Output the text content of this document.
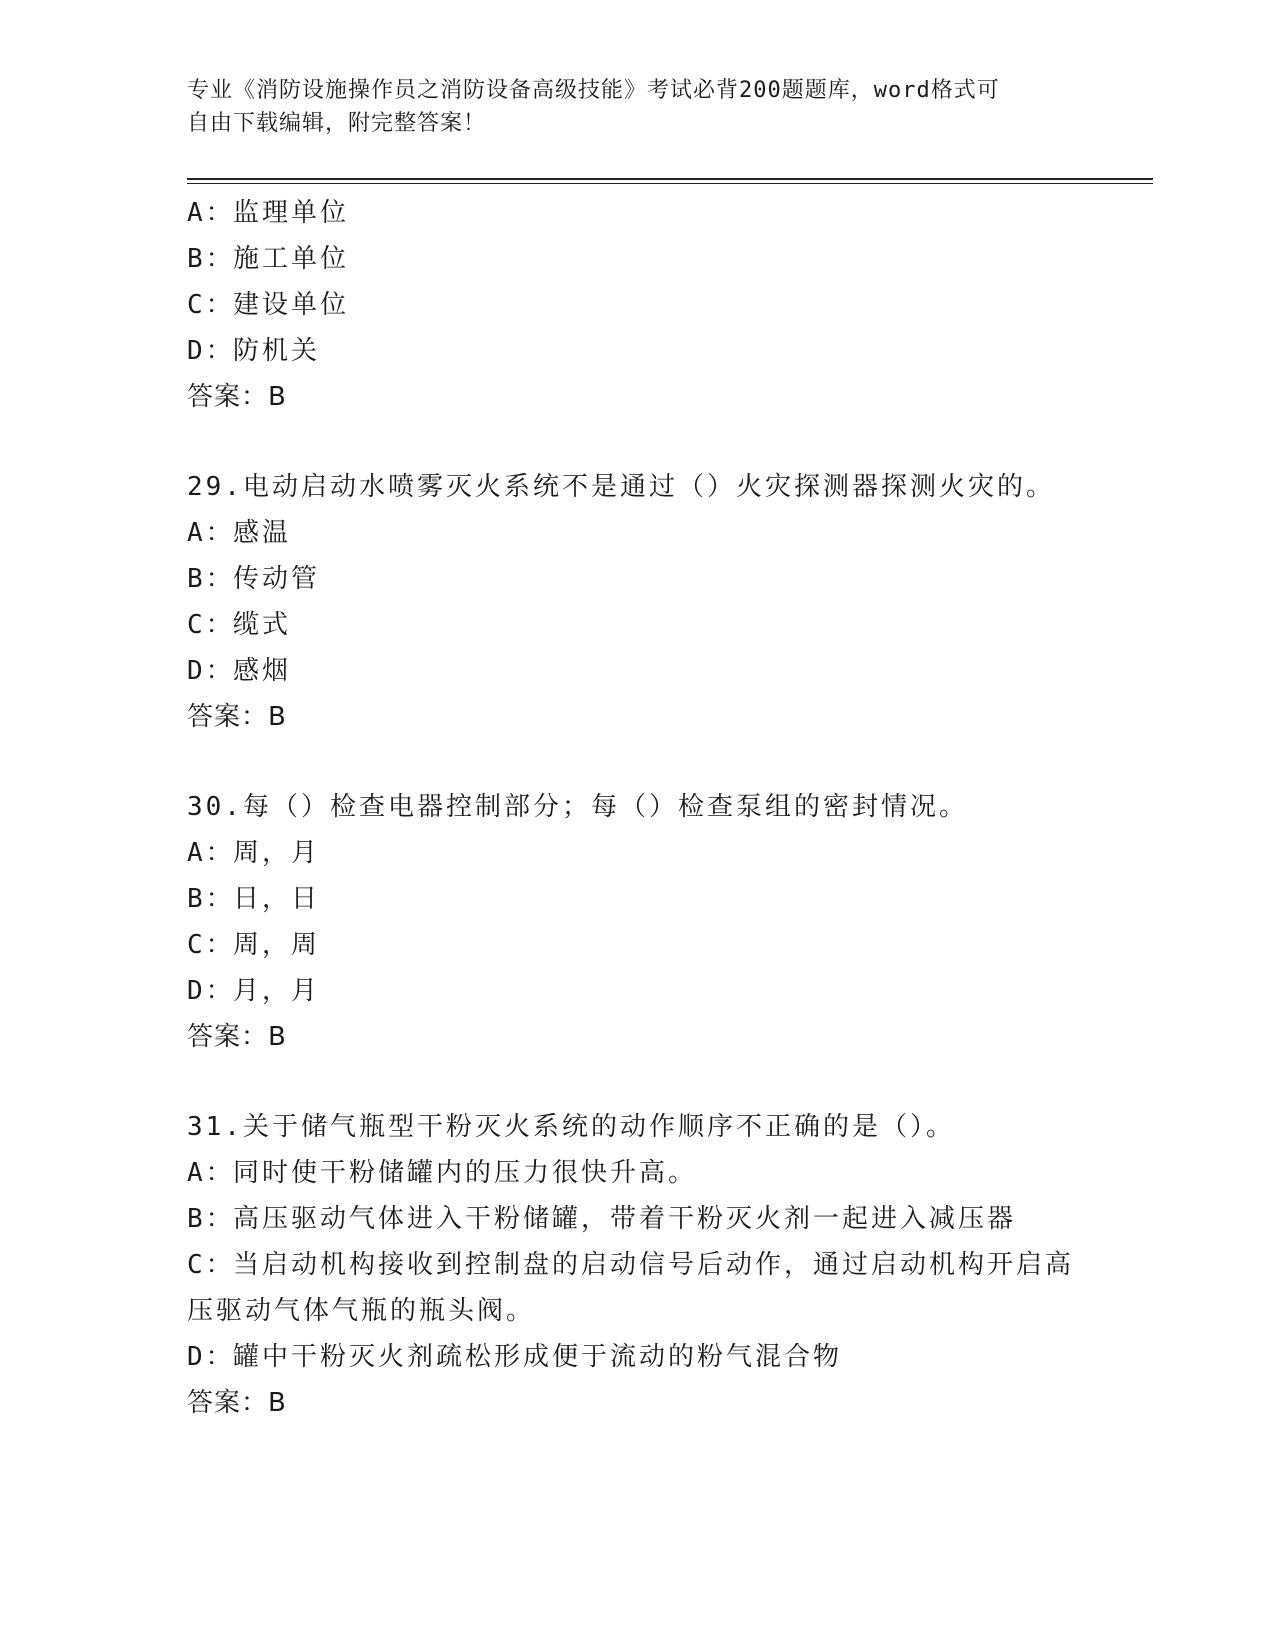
专业《消防设施操作员之消防设备高级技能》考试必背200题题库，word格式可
自由下载编辑，附完整答案！
A：监理单位
B：施工单位
C：建设单位
D：防机关
答案：B
29.电动启动水喷雾灭火系统不是通过（）火灾探测器探测火灾的。
A：感温
B：传动管
C：缆式
D：感烟
答案：B
30.每（）检查电器控制部分；每（）检查泵组的密封情况。
A：周，月
B：日，日
C：周，周
D：月，月
答案：B
31.关于储气瓶型干粉灭火系统的动作顺序不正确的是（）。
A：同时使干粉储罐内的压力很快升高。
B：高压驱动气体进入干粉储罐，带着干粉灭火剂一起进入减压器
C：当启动机构接收到控制盘的启动信号后动作，通过启动机构开启高
压驱动气体气瓶的瓶头阀。
D：罐中干粉灭火剂疏松形成便于流动的粉气混合物
答案：B
